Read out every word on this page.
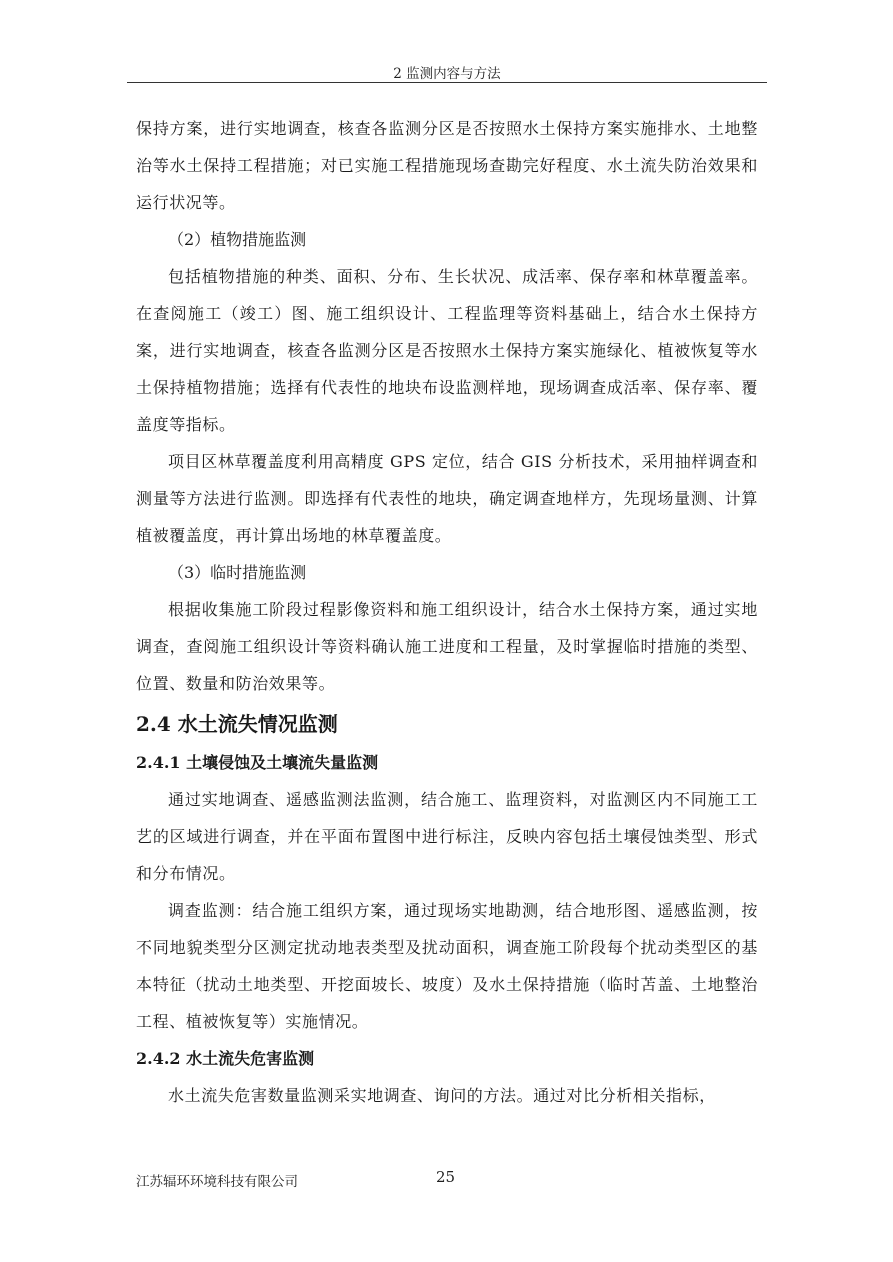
2 监测内容与方法

保持方案，进行实地调查，核查各监测分区是否按照水土保持方案实施排水、土地整治等水土保持工程措施；对已实施工程措施现场查勘完好程度、水土流失防治效果和运行状况等。

（2）植物措施监测

包括植物措施的种类、面积、分布、生长状况、成活率、保存率和林草覆盖率。在查阅施工（竣工）图、施工组织设计、工程监理等资料基础上，结合水土保持方案，进行实地调查，核查各监测分区是否按照水土保持方案实施绿化、植被恢复等水土保持植物措施；选择有代表性的地块布设监测样地，现场调查成活率、保存率、覆盖度等指标。

项目区林草覆盖度利用高精度 GPS 定位，结合 GIS 分析技术，采用抽样调查和测量等方法进行监测。即选择有代表性的地块，确定调查地样方，先现场量测、计算植被覆盖度，再计算出场地的林草覆盖度。

（3）临时措施监测

根据收集施工阶段过程影像资料和施工组织设计，结合水土保持方案，通过实地调查，查阅施工组织设计等资料确认施工进度和工程量，及时掌握临时措施的类型、位置、数量和防治效果等。

2.4 水土流失情况监测
2.4.1 土壤侵蚀及土壤流失量监测

通过实地调查、遥感监测法监测，结合施工、监理资料，对监测区内不同施工工艺的区域进行调查，并在平面布置图中进行标注，反映内容包括土壤侵蚀类型、形式和分布情况。

调查监测：结合施工组织方案，通过现场实地勘测，结合地形图、遥感监测，按不同地貌类型分区测定扰动地表类型及扰动面积，调查施工阶段每个扰动类型区的基本特征（扰动土地类型、开挖面坡长、坡度）及水土保持措施（临时苫盖、土地整治工程、植被恢复等）实施情况。

2.4.2 水土流失危害监测

水土流失危害数量监测采实地调查、询问的方法。通过对比分析相关指标，

江苏辐环环境科技有限公司	25
